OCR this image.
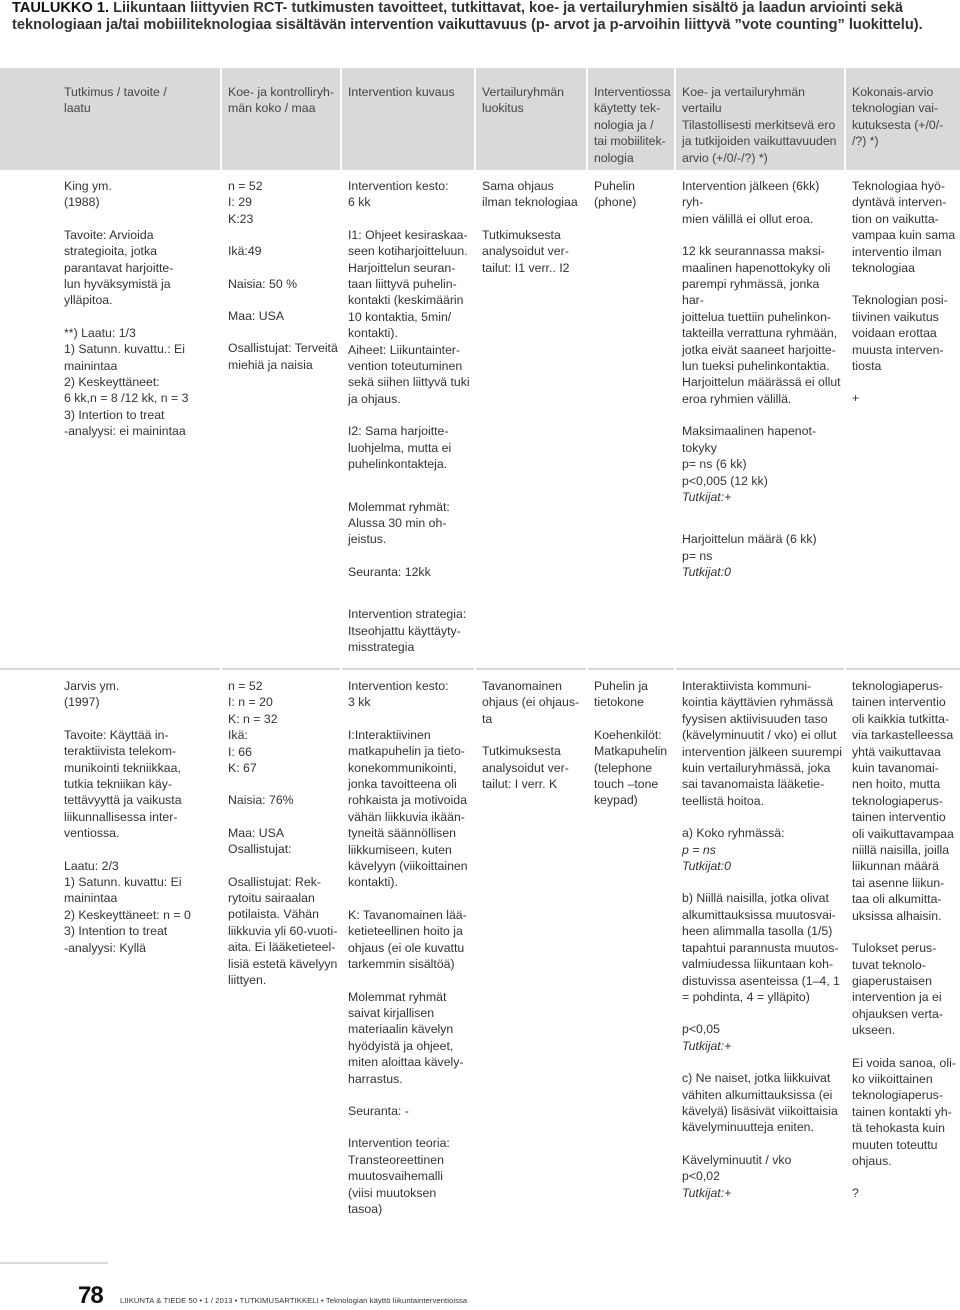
TAULUKKO 1. Liikuntaan liittyvien RCT- tutkimusten tavoitteet, tutkittavat, koe- ja vertailuryhmien sisältö ja laadun arviointi sekä teknologiaan ja/tai mobiiliteknologiaa sisältävän intervention vaikuttavuus (p- arvot ja p-arvoihin liittyvä ”vote counting” luokittelu).
Tutkimus / tavoite /
laatu
Koe- ja kontrolliryh-
män koko / maa
Intervention kuvaus	Vertailuryhmän
luokitus
Interventiossa
käytetty tek-
nologia ja /
tai mobiilitek-
nologia
Koe- ja vertailuryhmän
vertailu
Tilastollisesti merkitsevä ero
ja tutkijoiden vaikuttavuuden
arvio (+/0/-/?) *)
Kokonais-arvio
teknologian vai-
kutuksesta (+/0/-
/?) *)
King ym.
(1988)
Tavoite: Arvioida
strategioita, jotka
parantavat harjoitte-
lun hyväksymistä ja
ylläpitoa.
**) Laatu: 1/3
1) Satunn. kuvattu.: Ei
mainintaa
2) Keskeyttäneet:
6 kk,n = 8 /12 kk, n = 3
3) Intertion to treat
-analyysi: ei mainintaa
n = 52
I: 29
K:23
Ikä:49
Naisia: 50 %
Maa: USA
Osallistujat: Terveitä
miehiä ja naisia
Intervention kesto:
6 kk
I1: Ohjeet kesiraskaa-
seen kotiharjoitteluun.
Harjoittelun seuran-
taan liittyvä puhelin-
kontakti (keskimäärin
10 kontaktia, 5min/
kontakti).
Aiheet: Liikuntainter-
vention toteutuminen
sekä siihen liittyvä tuki
ja ohjaus.
I2: Sama harjoitte-
luohjelma, mutta ei
puhelinkontakteja.
Molemmat ryhmät:
Alussa 30 min oh-
jeistus.
Seuranta: 12kk
Intervention strategia:
Itseohjattu käyttäyty-
misstrategia
Sama ohjaus
ilman teknologiaa
Tutkimuksesta
analysoidut ver-
tailut: I1 verr.. I2
Puhelin
(phone)
Intervention jälkeen (6kk) ryh-
mien välillä ei ollut eroa.
12 kk seurannassa maksi-
maalinen hapenottokyky oli
parempi ryhmässä, jonka har-
joittelua tuettiin puhelinkon-
takteilla verrattuna ryhmään,
jotka eivät saaneet harjoitte-
lun tueksi puhelinkontaktia.
Harjoittelun määrässä ei ollut
eroa ryhmien välillä.
Maksimaalinen hapenot-
tokyky
p= ns (6 kk)
p<0,005 (12 kk)
Tutkijat:+
Harjoittelun määrä (6 kk)
p= ns
Tutkijat:0
Teknologiaa hyö-
dyntävä interven-
tion on vaikutta-
vampaa kuin sama
interventio ilman
teknologiaa
Teknologian posi-
tiivinen vaikutus
voidaan erottaa
muusta interven-
tiosta
+
Jarvis ym.
(1997)
Tavoite: Käyttää in-
teraktiivista telekom-
munikointi tekniikkaa,
tutkia tekniikan käy-
tettävyyttä ja vaikusta
liikunnallisessa inter-
ventiossa.
Laatu: 2/3
1) Satunn. kuvattu: Ei
mainintaa
2) Keskeyttäneet: n = 0
3) Intention to treat
-analyysi: Kyllä
n = 52
I: n = 20
K: n = 32
Ikä:
I: 66
K: 67
Naisia: 76%
Maa: USA
Osallistujat:
Osallistujat: Rek-
rytoitu sairaalan
potilaista. Vähän
liikkuvia yli 60-vuoti-
aita. Ei lääketieteel-
lisiä estetä kävelyyn
liittyen.
Intervention kesto:
3 kk
I:Interaktiivinen
matkapuhelin ja tieto-
konekommunikointi,
jonka tavoitteena oli
rohkaista ja motivoida
vähän liikkuvia ikään-
tyneitä säännöllisen
liikkumiseen, kuten
kävelyyn (viikoittainen
kontakti).
K: Tavanomainen lää-
ketieteellinen hoito ja
ohjaus (ei ole kuvattu
tarkemmin sisältöä)
Molemmat ryhmät
saivat kirjallisen
materiaalin kävelyn
hyödyistä ja ohjeet,
miten aloittaa kävely-
harrastus.
Seuranta: -
Intervention teoria:
Transteoreettinen
muutosvaihemalli
(viisi muutoksen tasoa)
Tavanomainen
ohjaus (ei ohjaus-
ta
Tutkimuksesta
analysoidut ver-
tailut: I verr. K
Puhelin ja
tietokone
Koehenkilöt:
Matkapuhelin
(telephone
touch –tone
keypad)
Interaktiivista kommuni-
kointia käyttävien ryhmässä
fyysisen aktiivisuuden taso
(kävelyminuutit / vko) ei ollut
intervention jälkeen suurempi
kuin vertailuryhmässä, joka
sai tavanomaista lääketie-
teellistä hoitoa.
a) Koko ryhmässä:
p = ns
Tutkijat:0
b) Niillä naisilla, jotka olivat
alkumittauksissa muutosvai-
heen alimmalla tasolla (1/5)
tapahtui parannusta muutos-
valmiudessa liikuntaan koh-
distuvissa asenteissa (1–4, 1
= pohdinta, 4 = ylläpito)
p<0,05
Tutkijat:+
c) Ne naiset, jotka liikkuivat
vähiten alkumittauksissa (ei
kävelyä) lisäsivät viikoittaisia
kävelyminuutteja eniten.
Kävelyminuutit / vko
p<0,02
Tutkijat:+
teknologiaperus-
tainen interventio
oli kaikkia tutkitta-
via tarkastelleessa
yhtä vaikuttavaa
kuin tavanomai-
nen hoito, mutta
teknologiaperus-
tainen interventio
oli vaikuttavampaa
niillä naisilla, joilla
liikunnan määrä
tai asenne liikun-
taa oli alkumitta-
uksissa alhaisin.
Tulokset perus-
tuvat teknolo-
giaperustaisen
intervention ja ei
ohjauksen verta-
ukseen.
Ei voida sanoa, oli-
ko viikoittainen
teknologiaperus-
tainen kontakti yh-
tä tehokasta kuin
muuten toteuttu
ohjaus.
?
78 LIIKUNTA & TIEDE 50 • 1 / 2013 • TUTKIMUSARTIKKELI • Teknologian käyttö liikuntainterventioissa
